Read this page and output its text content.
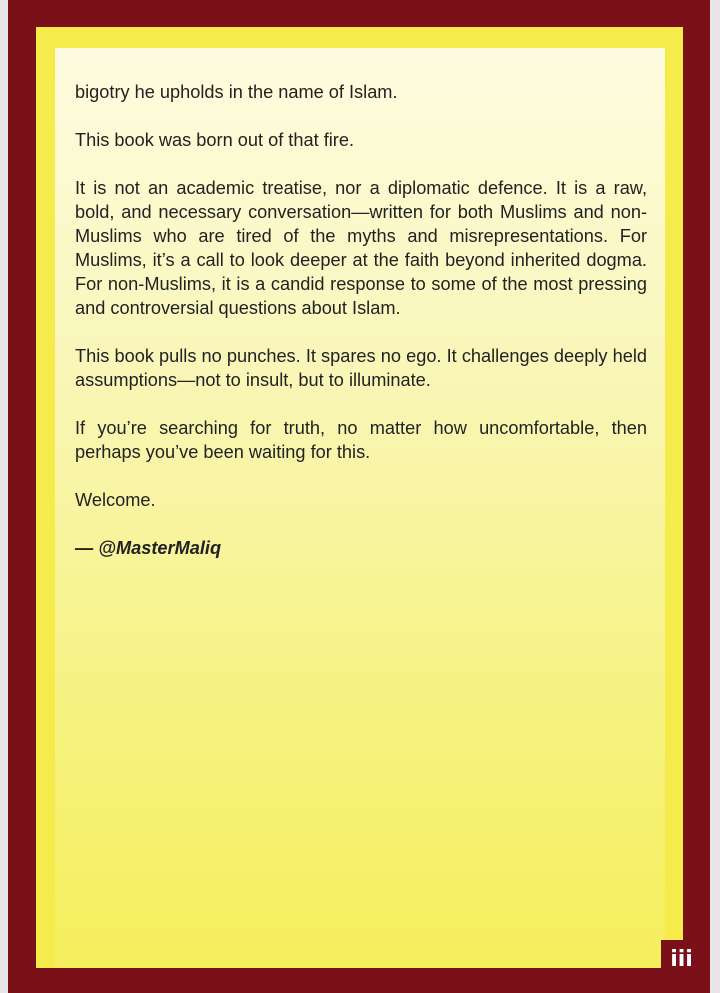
bigotry he upholds in the name of Islam.

This book was born out of that fire.

It is not an academic treatise, nor a diplomatic defence. It is a raw, bold, and necessary conversation—written for both Muslims and non-Muslims who are tired of the myths and misrepresentations. For Muslims, it’s a call to look deeper at the faith beyond inherited dogma. For non-Muslims, it is a candid response to some of the most pressing and controversial questions about Islam.

This book pulls no punches. It spares no ego. It challenges deeply held assumptions—not to insult, but to illuminate.

If you’re searching for truth, no matter how uncomfortable, then perhaps you’ve been waiting for this.

Welcome.

— @MasterMaliq

iii
